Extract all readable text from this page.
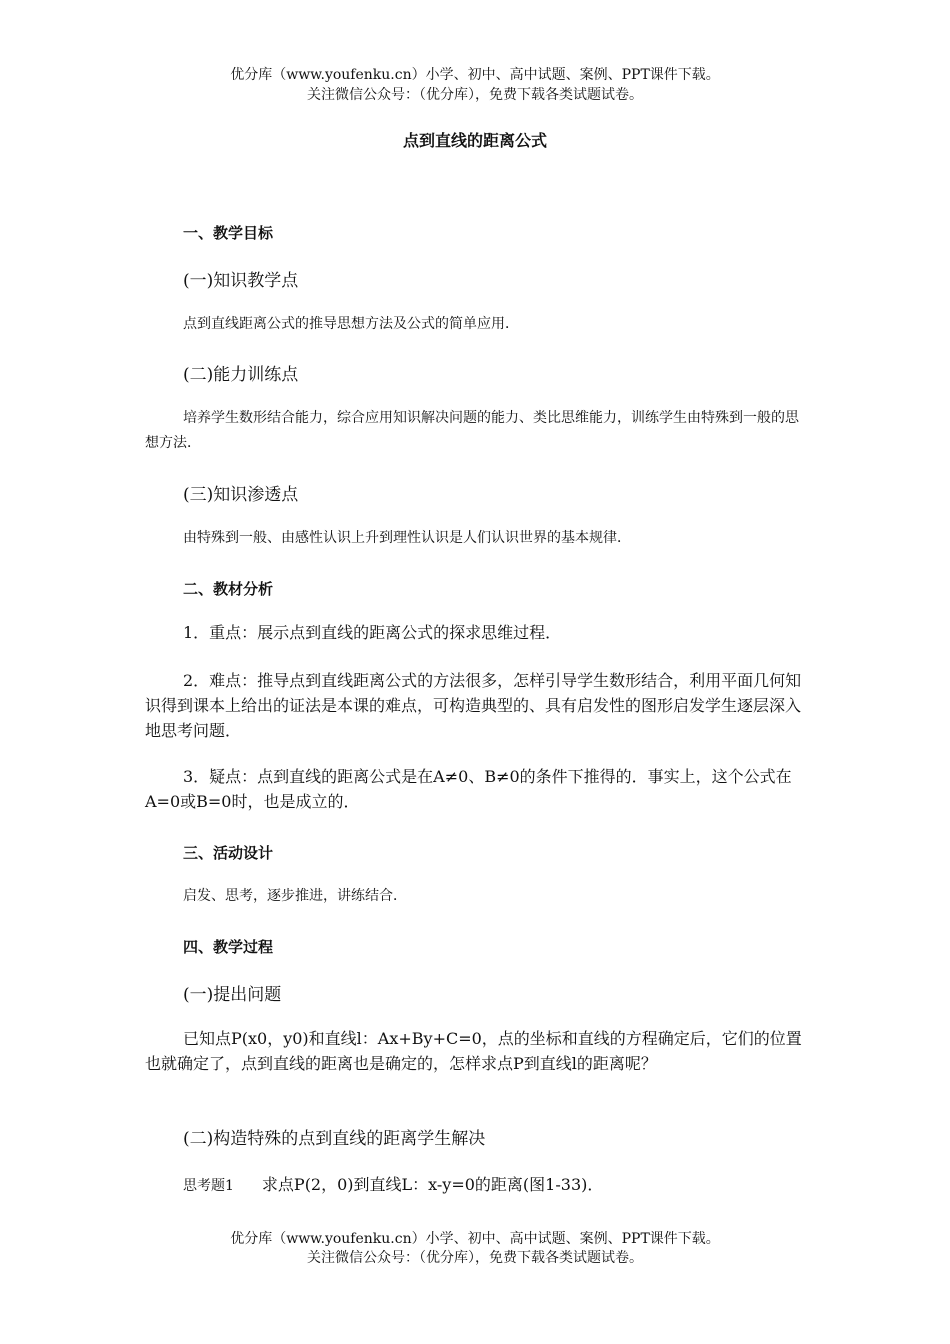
优分库（www.youfenku.cn）小学、初中、高中试题、案例、PPT课件下载。
关注微信公众号：（优分库），免费下载各类试题试卷。
点到直线的距离公式
一、教学目标
(一)知识教学点
点到直线距离公式的推导思想方法及公式的简单应用．
(二)能力训练点
培养学生数形结合能力，综合应用知识解决问题的能力、类比思维能力，训练学生由特殊到一般的思想方法．
(三)知识渗透点
由特殊到一般、由感性认识上升到理性认识是人们认识世界的基本规律．
二、教材分析
1．重点：展示点到直线的距离公式的探求思维过程．
2．难点：推导点到直线距离公式的方法很多，怎样引导学生数形结合，利用平面几何知识得到课本上给出的证法是本课的难点，可构造典型的、具有启发性的图形启发学生逐层深入地思考问题．
3．疑点：点到直线的距离公式是在A≠0、B≠0的条件下推得的．事实上，这个公式在A=0或B=0时，也是成立的．
三、活动设计
启发、思考，逐步推进，讲练结合．
四、教学过程
(一)提出问题
已知点P(x0，y0)和直线l：Ax+By+C=0，点的坐标和直线的方程确定后，它们的位置也就确定了，点到直线的距离也是确定的，怎样求点P到直线l的距离呢？
(二)构造特殊的点到直线的距离学生解决
思考题1 求点P(2，0)到直线L：x-y=0的距离(图1-33)．
优分库（www.youfenku.cn）小学、初中、高中试题、案例、PPT课件下载。
关注微信公众号：（优分库），免费下载各类试题试卷。
